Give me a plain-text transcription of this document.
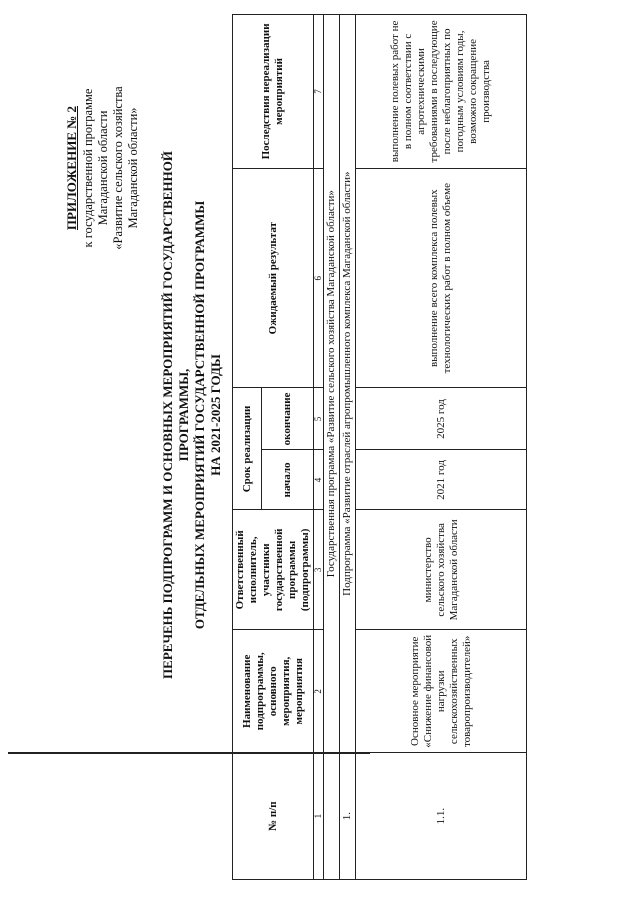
ПРИЛОЖЕНИЕ № 2 к государственной программе Магаданской области «Развитие сельского хозяйства Магаданской области» ПЕРЕЧЕНЬ ПОДПРОГРАММ И ОСНОВНЫХ МЕРОПРИЯТИЙ ГОСУДАРСТВЕННОЙ ПРОГРАММЫ, ОТДЕЛЬНЫХ МЕРОПРИЯТИЙ ГОСУДАРСТВЕННОЙ ПРОГРАММЫ НА 2021-2025 ГОДЫ
№ п/п	Наименование подпрограммы, основного мероприятия, мероприятия	Ответственный исполнитель, участники государственной программы (подпрограммы)	Срок реализации		Ожидаемый результат	Последствия нереализации мероприятий
			начало	окончание		
1	2	3	4	5	6	7
	Государственная программа «Развитие сельского хозяйства Магаданской области»					
1.	Подпрограмма «Развитие отраслей агропромышленного комплекса Магаданской области»					
1.1.	Основное мероприятие «Снижение финансовой нагрузки сельскохозяйственных товаропроизводителей»	министерство сельского хозяйства Магаданской области	2021 год	2025 год	выполнение всего комплекса полевых технологических работ в полном объеме	выполнение полевых работ не в полном соответствии с агротехническими требованиями в последующие после неблагоприятных по погодным условиям годы, возможно сокращение производства
